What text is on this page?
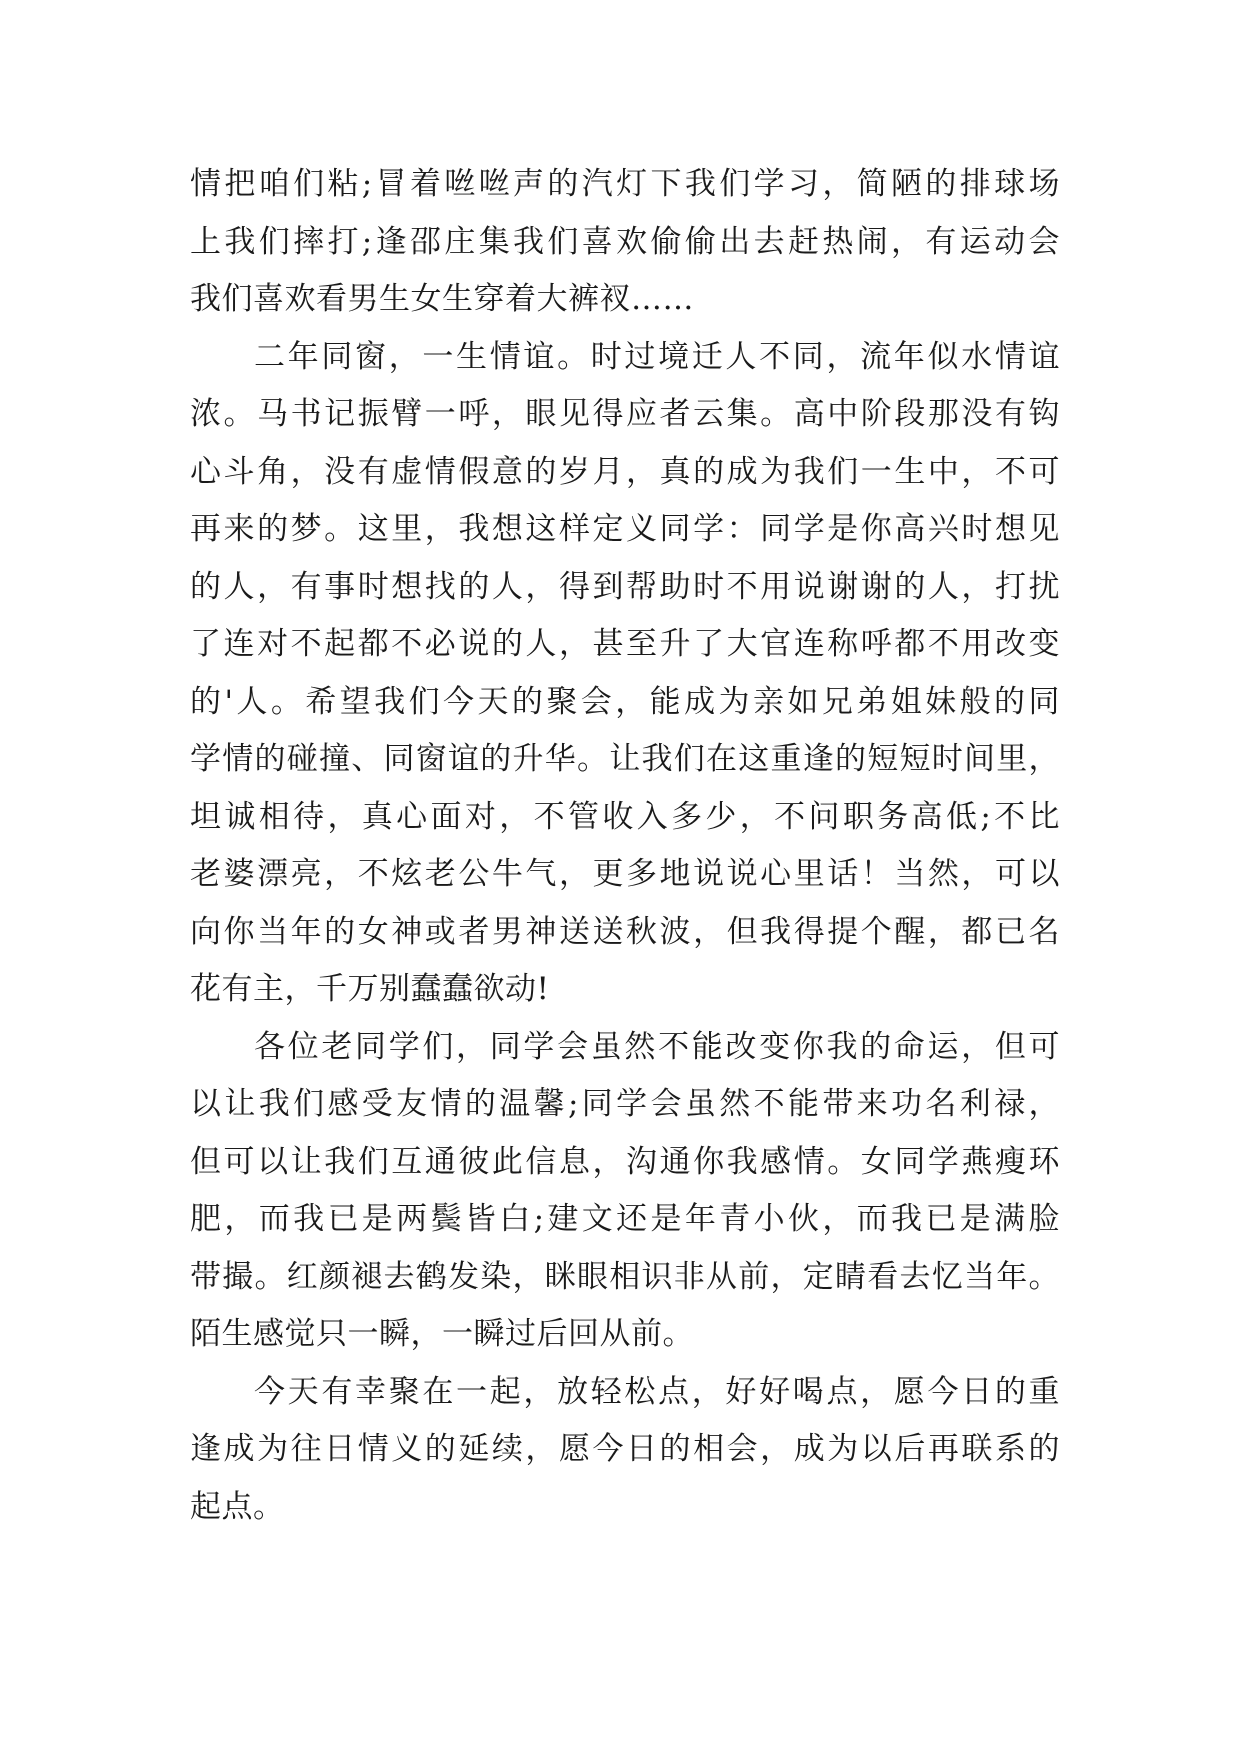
情把咱们粘;冒着咝咝声的汽灯下我们学习，简陋的排球场
上我们摔打;逢邵庄集我们喜欢偷偷出去赶热闹，有运动会
我们喜欢看男生女生穿着大裤衩……
二年同窗，一生情谊。时过境迁人不同，流年似水情谊
浓。马书记振臂一呼，眼见得应者云集。高中阶段那没有钩
心斗角，没有虚情假意的岁月，真的成为我们一生中，不可
再来的梦。这里，我想这样定义同学：同学是你高兴时想见
的人，有事时想找的人，得到帮助时不用说谢谢的人，打扰
了连对不起都不必说的人，甚至升了大官连称呼都不用改变
的'人。希望我们今天的聚会，能成为亲如兄弟姐妹般的同
学情的碰撞、同窗谊的升华。让我们在这重逢的短短时间里，
坦诚相待，真心面对，不管收入多少，不问职务高低;不比
老婆漂亮，不炫老公牛气，更多地说说心里话！当然，可以
向你当年的女神或者男神送送秋波，但我得提个醒，都已名
花有主，千万别蠢蠢欲动!
各位老同学们，同学会虽然不能改变你我的命运，但可
以让我们感受友情的温馨;同学会虽然不能带来功名利禄，
但可以让我们互通彼此信息，沟通你我感情。女同学燕瘦环
肥，而我已是两鬓皆白;建文还是年青小伙，而我已是满脸
带撮。红颜褪去鹤发染，眯眼相识非从前，定睛看去忆当年。
陌生感觉只一瞬，一瞬过后回从前。
今天有幸聚在一起，放轻松点，好好喝点，愿今日的重
逢成为往日情义的延续，愿今日的相会，成为以后再联系的
起点。
